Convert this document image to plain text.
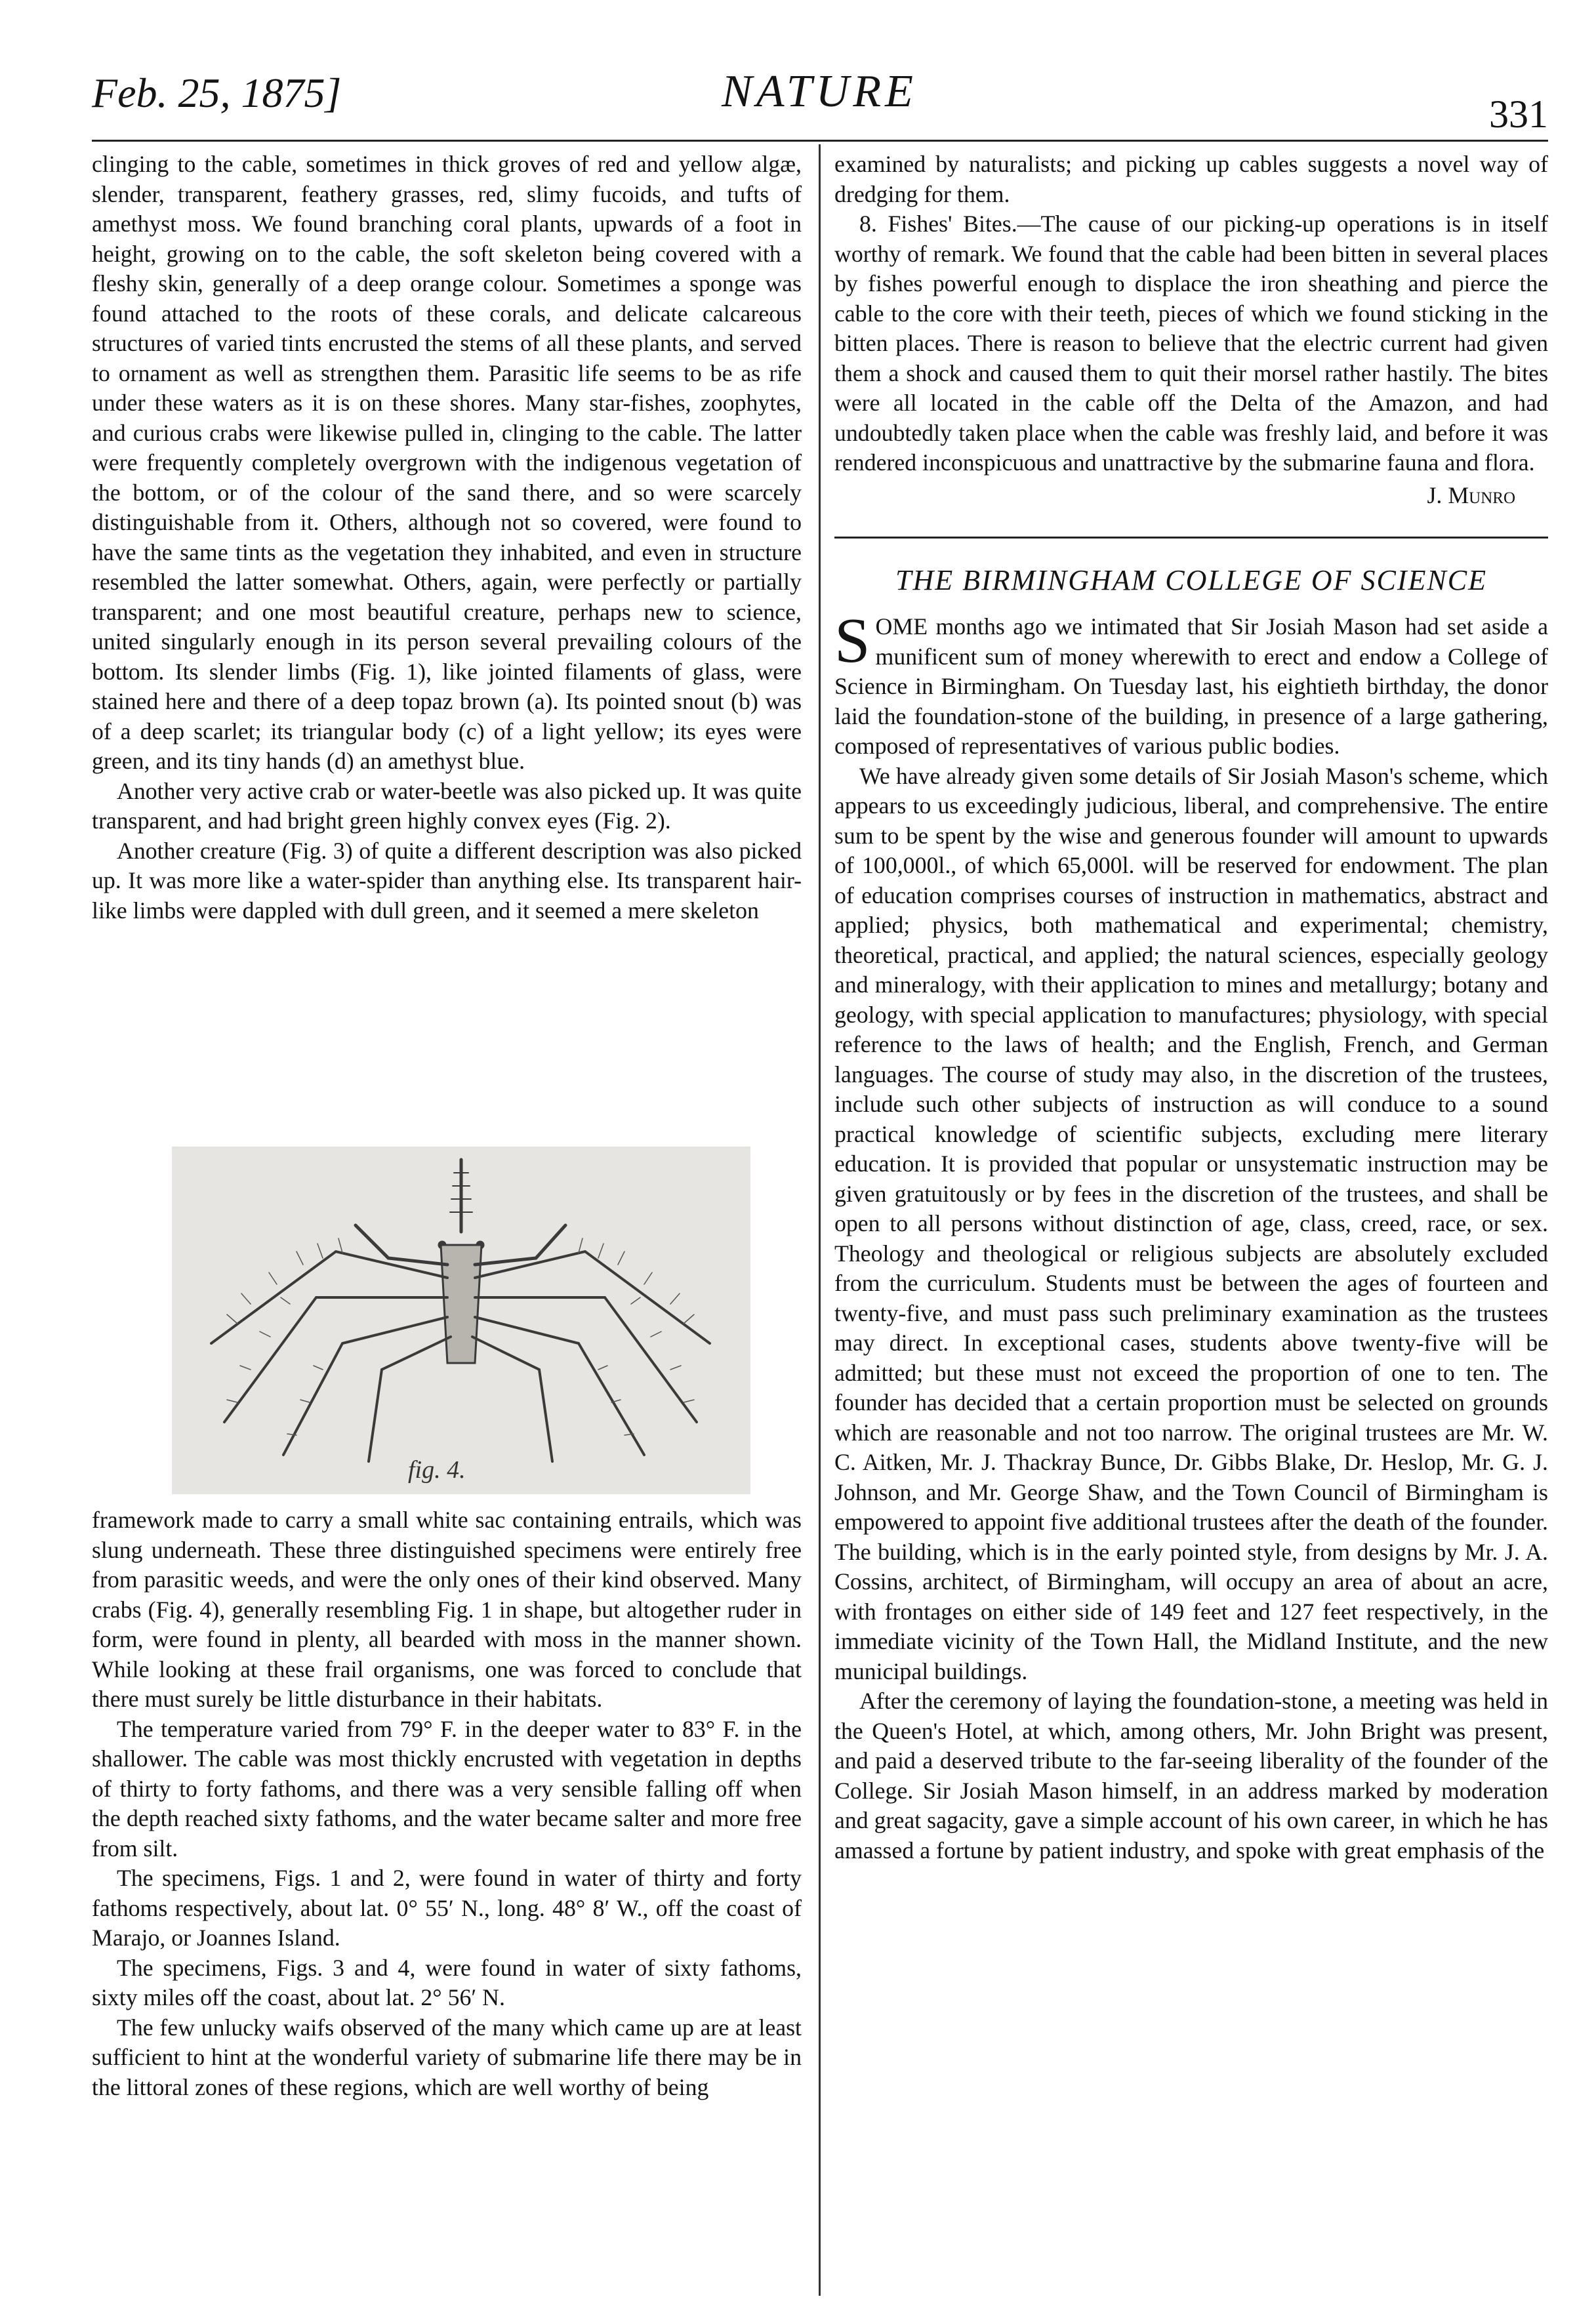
Feb. 25, 1875]	NATURE	331

clinging to the cable, sometimes in thick groves of red and yellow algæ, slender, transparent, feathery grasses, red, slimy fucoids, and tufts of amethyst moss. We found branching coral plants, upwards of a foot in height, growing on to the cable, the soft skeleton being covered with a fleshy skin, generally of a deep orange colour. Sometimes a sponge was found attached to the roots of these corals, and delicate calcareous structures of varied tints encrusted the stems of all these plants, and served to ornament as well as strengthen them. Parasitic life seems to be as rife under these waters as it is on these shores. Many star-fishes, zoophytes, and curious crabs were likewise pulled in, clinging to the cable. The latter were frequently completely overgrown with the indigenous vegetation of the bottom, or of the colour of the sand there, and so were scarcely distinguishable from it. Others, although not so covered, were found to have the same tints as the vegetation they inhabited, and even in structure resembled the latter somewhat. Others, again, were perfectly or partially transparent; and one most beautiful creature, perhaps new to science, united singularly enough in its person several prevailing colours of the bottom. Its slender limbs (Fig. 1), like jointed filaments of glass, were stained here and there of a deep topaz brown (a). Its pointed snout (b) was of a deep scarlet; its triangular body (c) of a light yellow; its eyes were green, and its tiny hands (d) an amethyst blue.

Another very active crab or water-beetle was also picked up. It was quite transparent, and had bright green highly convex eyes (Fig. 2).

Another creature (Fig. 3) of quite a different description was also picked up. It was more like a water-spider than anything else. Its transparent hair-like limbs were dappled with dull green, and it seemed a mere skeleton

fig. 4.

framework made to carry a small white sac containing entrails, which was slung underneath. These three distinguished specimens were entirely free from parasitic weeds, and were the only ones of their kind observed. Many crabs (Fig. 4), generally resembling Fig. 1 in shape, but altogether ruder in form, were found in plenty, all bearded with moss in the manner shown. While looking at these frail organisms, one was forced to conclude that there must surely be little disturbance in their habitats.

The temperature varied from 79° F. in the deeper water to 83° F. in the shallower. The cable was most thickly encrusted with vegetation in depths of thirty to forty fathoms, and there was a very sensible falling off when the depth reached sixty fathoms, and the water became salter and more free from silt.

The specimens, Figs. 1 and 2, were found in water of thirty and forty fathoms respectively, about lat. 0° 55′ N., long. 48° 8′ W., off the coast of Marajo, or Joannes Island.

The specimens, Figs. 3 and 4, were found in water of sixty fathoms, sixty miles off the coast, about lat. 2° 56′ N.

The few unlucky waifs observed of the many which came up are at least sufficient to hint at the wonderful variety of submarine life there may be in the littoral zones of these regions, which are well worthy of being

examined by naturalists; and picking up cables suggests a novel way of dredging for them.

8. Fishes' Bites.—The cause of our picking-up operations is in itself worthy of remark. We found that the cable had been bitten in several places by fishes powerful enough to displace the iron sheathing and pierce the cable to the core with their teeth, pieces of which we found sticking in the bitten places. There is reason to believe that the electric current had given them a shock and caused them to quit their morsel rather hastily. The bites were all located in the cable off the Delta of the Amazon, and had undoubtedly taken place when the cable was freshly laid, and before it was rendered inconspicuous and unattractive by the submarine fauna and flora.

J. Munro
THE BIRMINGHAM COLLEGE OF SCIENCE

SOME months ago we intimated that Sir Josiah Mason had set aside a munificent sum of money wherewith to erect and endow a College of Science in Birmingham. On Tuesday last, his eightieth birthday, the donor laid the foundation-stone of the building, in presence of a large gathering, composed of representatives of various public bodies.

We have already given some details of Sir Josiah Mason's scheme, which appears to us exceedingly judicious, liberal, and comprehensive. The entire sum to be spent by the wise and generous founder will amount to upwards of 100,000l., of which 65,000l. will be reserved for endowment. The plan of education comprises courses of instruction in mathematics, abstract and applied; physics, both mathematical and experimental; chemistry, theoretical, practical, and applied; the natural sciences, especially geology and mineralogy, with their application to mines and metallurgy; botany and geology, with special application to manufactures; physiology, with special reference to the laws of health; and the English, French, and German languages. The course of study may also, in the discretion of the trustees, include such other subjects of instruction as will conduce to a sound practical knowledge of scientific subjects, excluding mere literary education. It is provided that popular or unsystematic instruction may be given gratuitously or by fees in the discretion of the trustees, and shall be open to all persons without distinction of age, class, creed, race, or sex. Theology and theological or religious subjects are absolutely excluded from the curriculum. Students must be between the ages of fourteen and twenty-five, and must pass such preliminary examination as the trustees may direct. In exceptional cases, students above twenty-five will be admitted; but these must not exceed the proportion of one to ten. The founder has decided that a certain proportion must be selected on grounds which are reasonable and not too narrow. The original trustees are Mr. W. C. Aitken, Mr. J. Thackray Bunce, Dr. Gibbs Blake, Dr. Heslop, Mr. G. J. Johnson, and Mr. George Shaw, and the Town Council of Birmingham is empowered to appoint five additional trustees after the death of the founder. The building, which is in the early pointed style, from designs by Mr. J. A. Cossins, architect, of Birmingham, will occupy an area of about an acre, with frontages on either side of 149 feet and 127 feet respectively, in the immediate vicinity of the Town Hall, the Midland Institute, and the new municipal buildings.

After the ceremony of laying the foundation-stone, a meeting was held in the Queen's Hotel, at which, among others, Mr. John Bright was present, and paid a deserved tribute to the far-seeing liberality of the founder of the College. Sir Josiah Mason himself, in an address marked by moderation and great sagacity, gave a simple account of his own career, in which he has amassed a fortune by patient industry, and spoke with great emphasis of the
